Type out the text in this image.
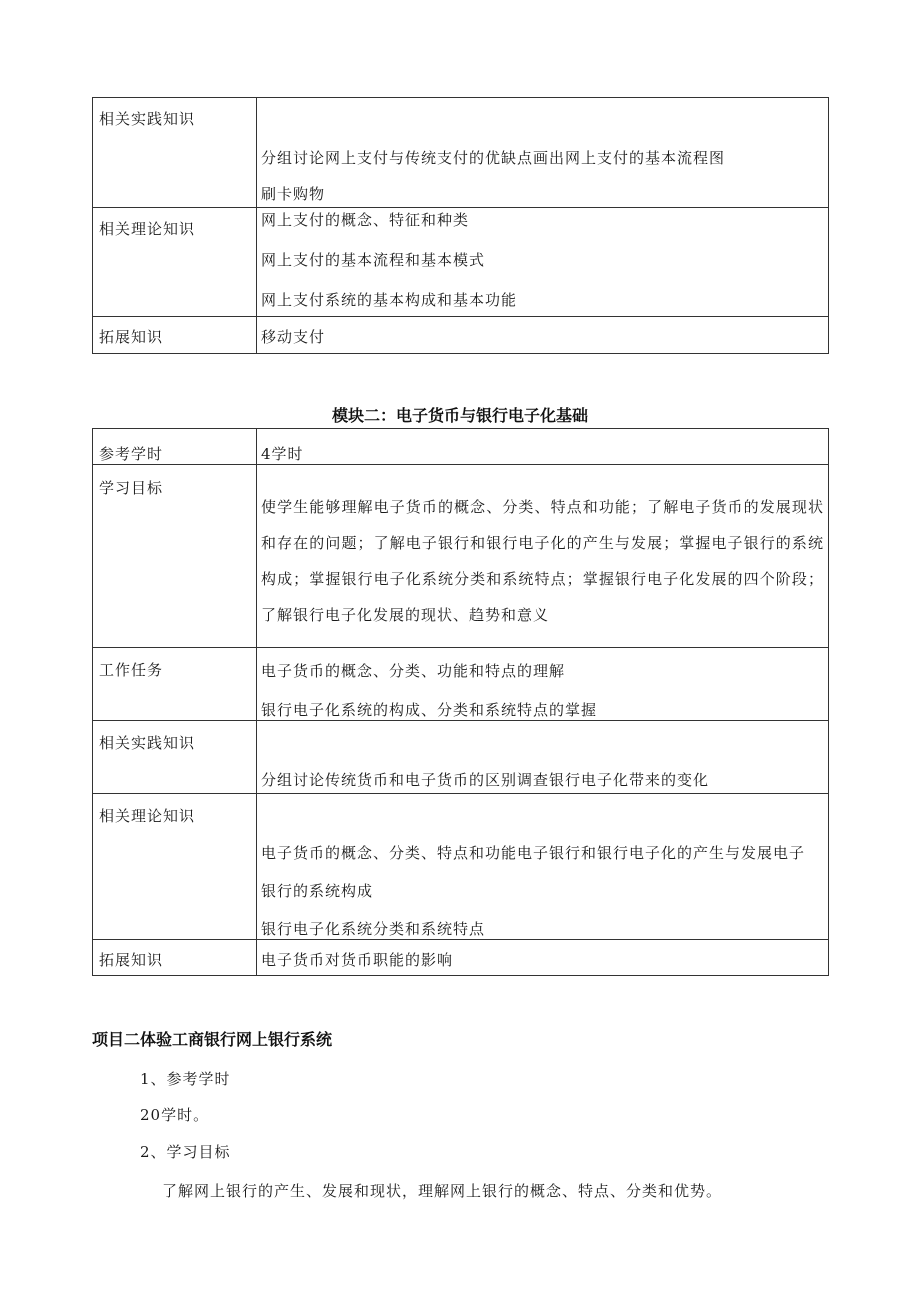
相关实践知识	分组讨论网上支付与传统支付的优缺点画出网上支付的基本流程图
刷卡购物

相关理论知识	网上支付的概念、特征和种类
网上支付的基本流程和基本模式
网上支付系统的基本构成和基本功能

拓展知识	移动支付
模块二：电子货币与银行电子化基础
参考学时	4学时

学习目标	使学生能够理解电子货币的概念、分类、特点和功能；了解电子货币的发展现状和存在的问题；了解电子银行和银行电子化的产生与发展；掌握电子银行的系统构成；掌握银行电子化系统分类和系统特点；掌握银行电子化发展的四个阶段；了解银行电子化发展的现状、趋势和意义

工作任务	电子货币的概念、分类、功能和特点的理解
银行电子化系统的构成、分类和系统特点的掌握

相关实践知识	分组讨论传统货币和电子货币的区别调查银行电子化带来的变化

相关理论知识	电子货币的概念、分类、特点和功能电子银行和银行电子化的产生与发展电子
银行的系统构成
银行电子化系统分类和系统特点

拓展知识	电子货币对货币职能的影响
项目二体验工商银行网上银行系统
1、参考学时
20学时。
2、学习目标
了解网上银行的产生、发展和现状，理解网上银行的概念、特点、分类和优势。
